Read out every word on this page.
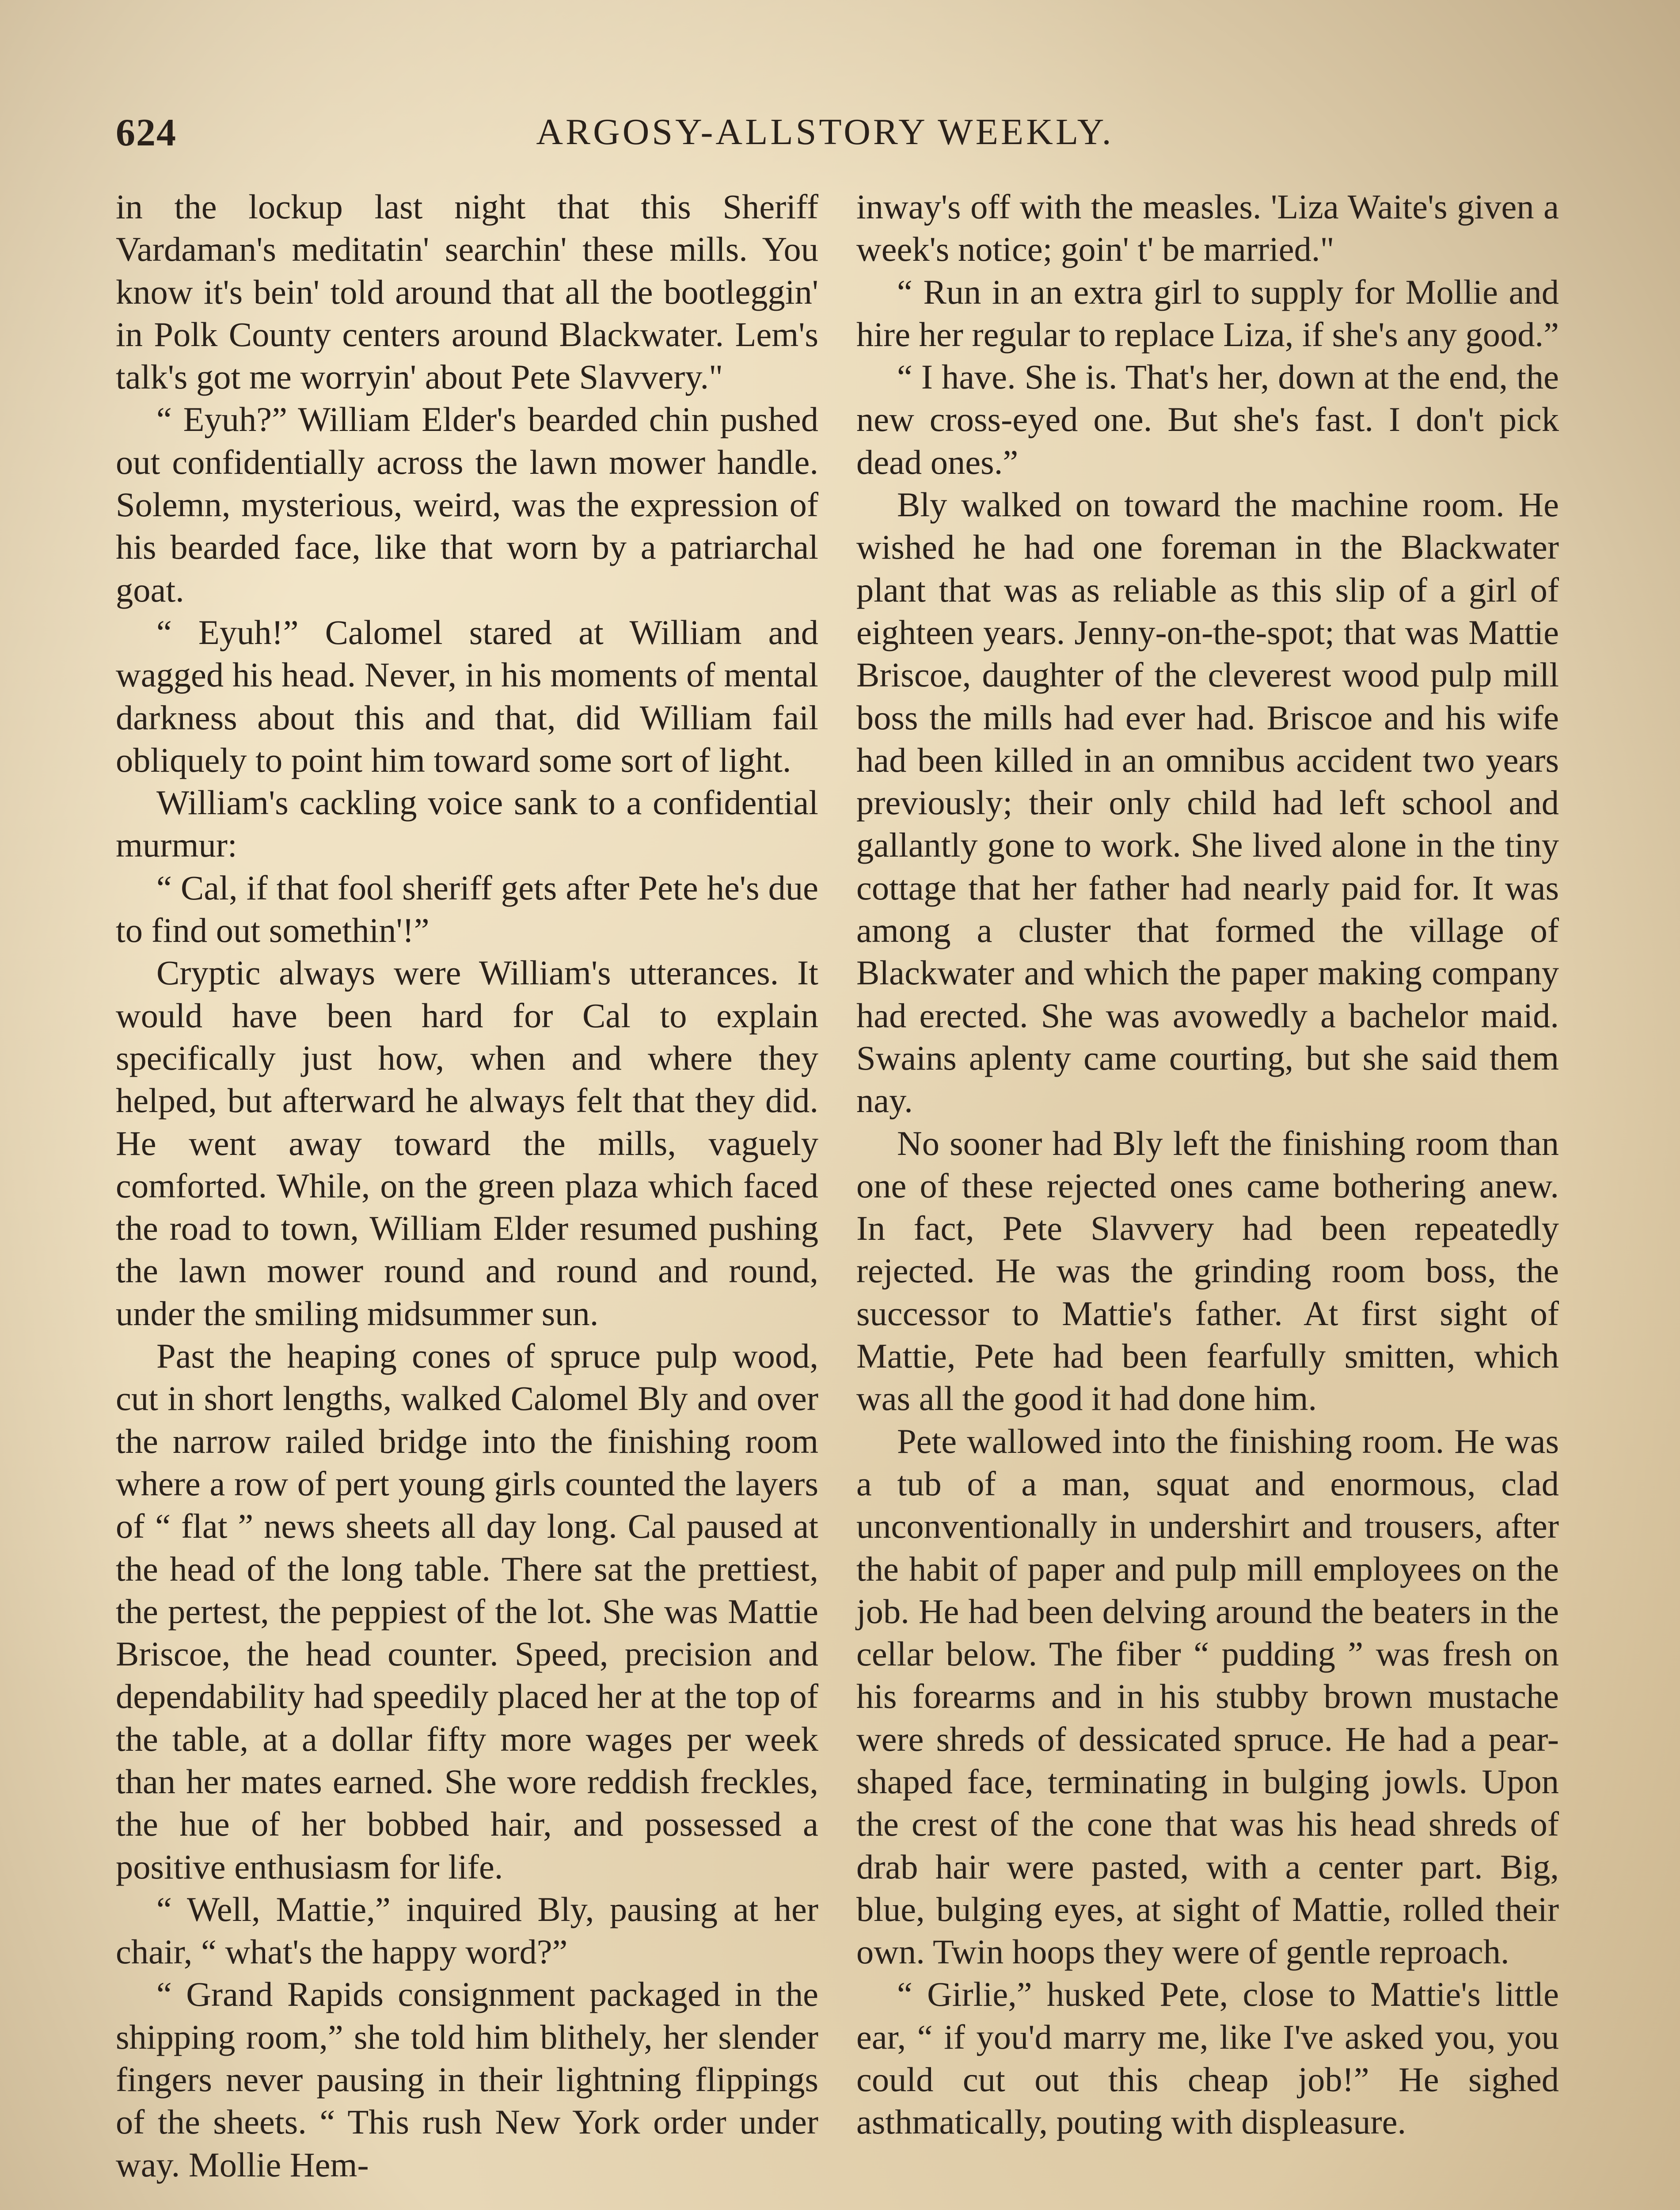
624	ARGOSY-ALLSTORY WEEKLY.

in the lockup last night that this Sheriff Vardaman's meditatin' searchin' these mills. You know it's bein' told around that all the bootleggin' in Polk County centers around Blackwater. Lem's talk's got me worryin' about Pete Slavvery."

“ Eyuh?” William Elder's bearded chin pushed out confidentially across the lawn mower handle. Solemn, mysterious, weird, was the expression of his bearded face, like that worn by a patriarchal goat.

“ Eyuh!” Calomel stared at William and wagged his head. Never, in his moments of mental darkness about this and that, did William fail obliquely to point him toward some sort of light.

William's cackling voice sank to a confidential murmur:

“ Cal, if that fool sheriff gets after Pete he's due to find out somethin'!”

Cryptic always were William's utterances. It would have been hard for Cal to explain specifically just how, when and where they helped, but afterward he always felt that they did. He went away toward the mills, vaguely comforted. While, on the green plaza which faced the road to town, William Elder resumed pushing the lawn mower round and round and round, under the smiling midsummer sun.

Past the heaping cones of spruce pulp wood, cut in short lengths, walked Calomel Bly and over the narrow railed bridge into the finishing room where a row of pert young girls counted the layers of “ flat ” news sheets all day long. Cal paused at the head of the long table. There sat the prettiest, the pertest, the peppiest of the lot. She was Mattie Briscoe, the head counter. Speed, precision and dependability had speedily placed her at the top of the table, at a dollar fifty more wages per week than her mates earned. She wore reddish freckles, the hue of her bobbed hair, and possessed a positive enthusiasm for life.

“ Well, Mattie,” inquired Bly, pausing at her chair, “ what's the happy word?”

“ Grand Rapids consignment packaged in the shipping room,” she told him blithely, her slender fingers never pausing in their lightning flippings of the sheets. “ This rush New York order under way. Mollie Hem-

inway's off with the measles. 'Liza Waite's given a week's notice; goin' t' be married."

“ Run in an extra girl to supply for Mollie and hire her regular to replace Liza, if she's any good.”

“ I have. She is. That's her, down at the end, the new cross-eyed one. But she's fast. I don't pick dead ones.”

Bly walked on toward the machine room. He wished he had one foreman in the Blackwater plant that was as reliable as this slip of a girl of eighteen years. Jenny-on-the-spot; that was Mattie Briscoe, daughter of the cleverest wood pulp mill boss the mills had ever had. Briscoe and his wife had been killed in an omnibus accident two years previously; their only child had left school and gallantly gone to work. She lived alone in the tiny cottage that her father had nearly paid for. It was among a cluster that formed the village of Blackwater and which the paper making company had erected. She was avowedly a bachelor maid. Swains aplenty came courting, but she said them nay.

No sooner had Bly left the finishing room than one of these rejected ones came bothering anew. In fact, Pete Slavvery had been repeatedly rejected. He was the grinding room boss, the successor to Mattie's father. At first sight of Mattie, Pete had been fearfully smitten, which was all the good it had done him.

Pete wallowed into the finishing room. He was a tub of a man, squat and enormous, clad unconventionally in undershirt and trousers, after the habit of paper and pulp mill employees on the job. He had been delving around the beaters in the cellar below. The fiber “ pudding ” was fresh on his forearms and in his stubby brown mustache were shreds of dessicated spruce. He had a pear-shaped face, terminating in bulging jowls. Upon the crest of the cone that was his head shreds of drab hair were pasted, with a center part. Big, blue, bulging eyes, at sight of Mattie, rolled their own. Twin hoops they were of gentle reproach.

“ Girlie,” husked Pete, close to Mattie's little ear, “ if you'd marry me, like I've asked you, you could cut out this cheap job!” He sighed asthmatically, pouting with displeasure.
